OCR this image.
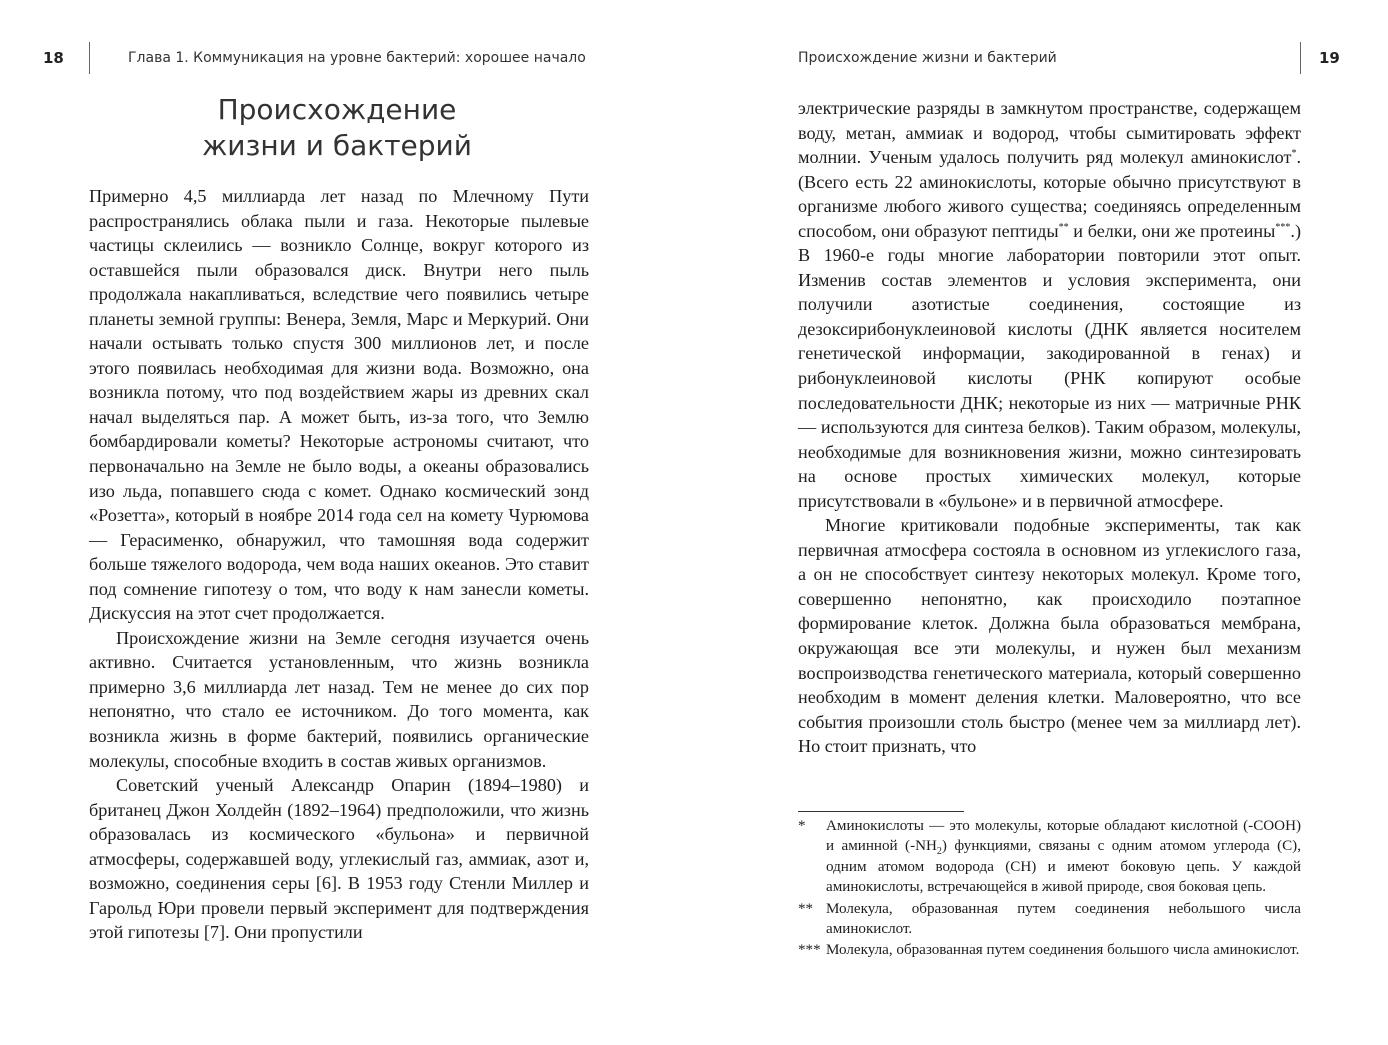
18	Глава 1. Коммуникация на уровне бактерий: хорошее начало
Происхождение
жизни и бактерий

Примерно 4,5 миллиарда лет назад по Млечному Пути распространялись облака пыли и газа. Некоторые пылевые частицы склеились — возникло Солнце, вокруг которого из оставшейся пыли образовался диск. Внутри него пыль продолжала накапливаться, вследствие чего появились четыре планеты земной группы: Венера, Земля, Марс и Меркурий. Они начали остывать только спустя 300 миллионов лет, и после этого появилась необходимая для жизни вода. Возможно, она возникла потому, что под воздействием жары из древних скал начал выделяться пар. А может быть, из-за того, что Землю бомбардировали кометы? Некоторые астрономы считают, что первоначально на Земле не было воды, а океаны образовались изо льда, попавшего сюда с комет. Однако космический зонд «Розетта», который в ноябре 2014 года сел на комету Чурюмова — Герасименко, обнаружил, что тамошняя вода содержит больше тяжелого водорода, чем вода наших океанов. Это ставит под сомнение гипотезу о том, что воду к нам занесли кометы. Дискуссия на этот счет продолжается.

Происхождение жизни на Земле сегодня изучается очень активно. Считается установленным, что жизнь возникла примерно 3,6 миллиарда лет назад. Тем не менее до сих пор непонятно, что стало ее источником. До того момента, как возникла жизнь в форме бактерий, появились органические молекулы, способные входить в состав живых организмов.

Советский ученый Александр Опарин (1894–1980) и британец Джон Холдейн (1892–1964) предположили, что жизнь образовалась из космического «бульона» и первичной атмосферы, содержавшей воду, углекислый газ, аммиак, азот и, возможно, соединения серы [6]. В 1953 году Стенли Миллер и Гарольд Юри провели первый эксперимент для подтверждения этой гипотезы [7]. Они пропустили

Происхождение жизни и бактерий	19

электрические разряды в замкнутом пространстве, содержащем воду, метан, аммиак и водород, чтобы сымитировать эффект молнии. Ученым удалось получить ряд молекул аминокислот*. (Всего есть 22 аминокислоты, которые обычно присутствуют в организме любого живого существа; соединяясь определенным способом, они образуют пептиды** и белки, они же протеины***.) В 1960-е годы многие лаборатории повторили этот опыт. Изменив состав элементов и условия эксперимента, они получили азотистые соединения, состоящие из дезоксирибонуклеиновой кислоты (ДНК является носителем генетической информации, закодированной в генах) и рибонуклеиновой кислоты (РНК копируют особые последовательности ДНК; некоторые из них — матричные РНК — используются для синтеза белков). Таким образом, молекулы, необходимые для возникновения жизни, можно синтезировать на основе простых химических молекул, которые присутствовали в «бульоне» и в первичной атмосфере.

Многие критиковали подобные эксперименты, так как первичная атмосфера состояла в основном из углекислого газа, а он не способствует синтезу некоторых молекул. Кроме того, совершенно непонятно, как происходило поэтапное формирование клеток. Должна была образоваться мембрана, окружающая все эти молекулы, и нужен был механизм воспроизводства генетического материала, который совершенно необходим в момент деления клетки. Маловероятно, что все события произошли столь быстро (менее чем за миллиард лет). Но стоит признать, что

*	Аминокислоты — это молекулы, которые обладают кислотной (-COOH) и аминной $(-NH_2)$ функциями, связаны с одним атомом углерода (С), одним атомом водорода (СН) и имеют боковую цепь. У каждой аминокислоты, встречающейся в живой природе, своя боковая цепь.
** Молекула, образованная путем соединения небольшого числа аминокислот.
*** Молекула, образованная путем соединения большого числа аминокислот.
